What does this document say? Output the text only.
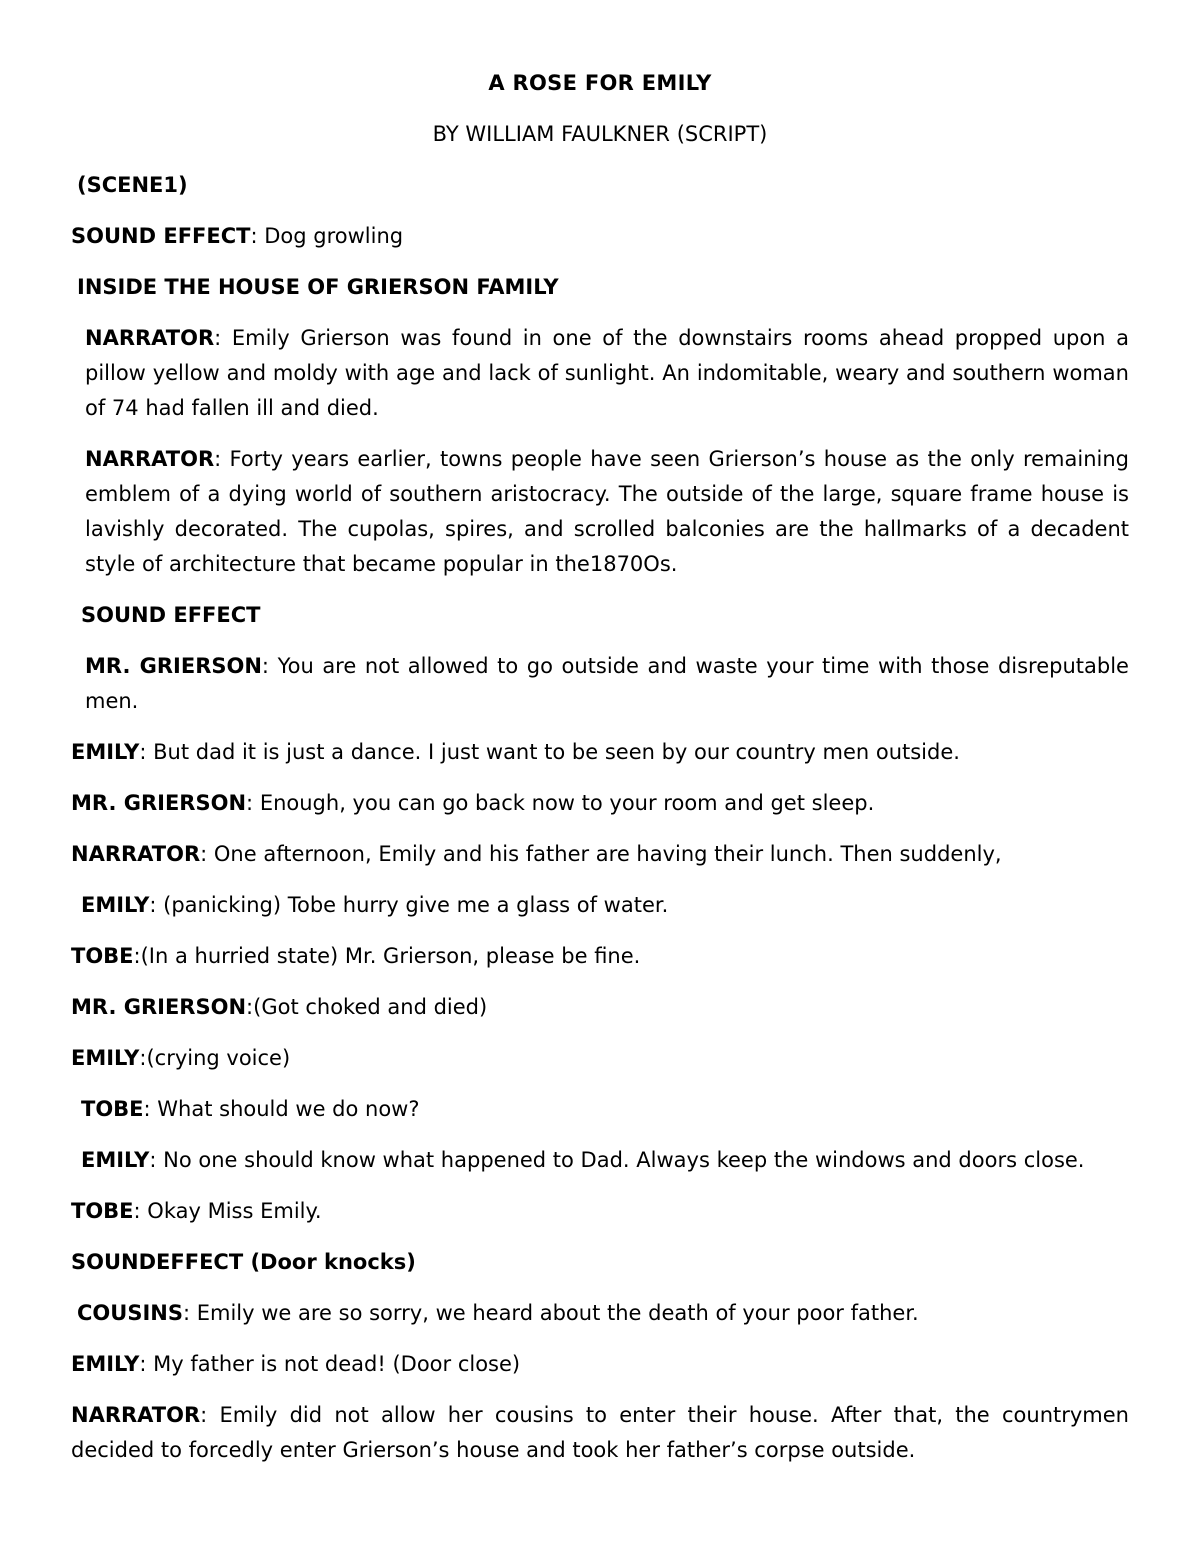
A ROSE FOR EMILY
BY WILLIAM FAULKNER (SCRIPT)
(SCENE1)
SOUND EFFECT: Dog growling
INSIDE THE HOUSE OF GRIERSON FAMILY
NARRATOR: Emily Grierson was found in one of the downstairs rooms ahead propped upon a pillow yellow and moldy with age and lack of sunlight. An indomitable, weary and southern woman of 74 had fallen ill and died.
NARRATOR: Forty years earlier, towns people have seen Grierson’s house as the only remaining emblem of a dying world of southern aristocracy. The outside of the large, square frame house is lavishly decorated. The cupolas, spires, and scrolled balconies are the hallmarks of a decadent style of architecture that became popular in the1870Os.
SOUND EFFECT
MR. GRIERSON: You are not allowed to go outside and waste your time with those disreputable men.
EMILY: But dad it is just a dance. I just want to be seen by our country men outside.
MR. GRIERSON: Enough, you can go back now to your room and get sleep.
NARRATOR: One afternoon, Emily and his father are having their lunch. Then suddenly,
EMILY: (panicking) Tobe hurry give me a glass of water.
TOBE:(In a hurried state) Mr. Grierson, please be fine.
MR. GRIERSON:(Got choked and died)
EMILY:(crying voice)
TOBE: What should we do now?
EMILY: No one should know what happened to Dad. Always keep the windows and doors close.
TOBE: Okay Miss Emily.
SOUNDEFFECT (Door knocks)
COUSINS: Emily we are so sorry, we heard about the death of your poor father.
EMILY: My father is not dead! (Door close)
NARRATOR: Emily did not allow her cousins to enter their house. After that, the countrymen decided to forcedly enter Grierson’s house and took her father’s corpse outside.
